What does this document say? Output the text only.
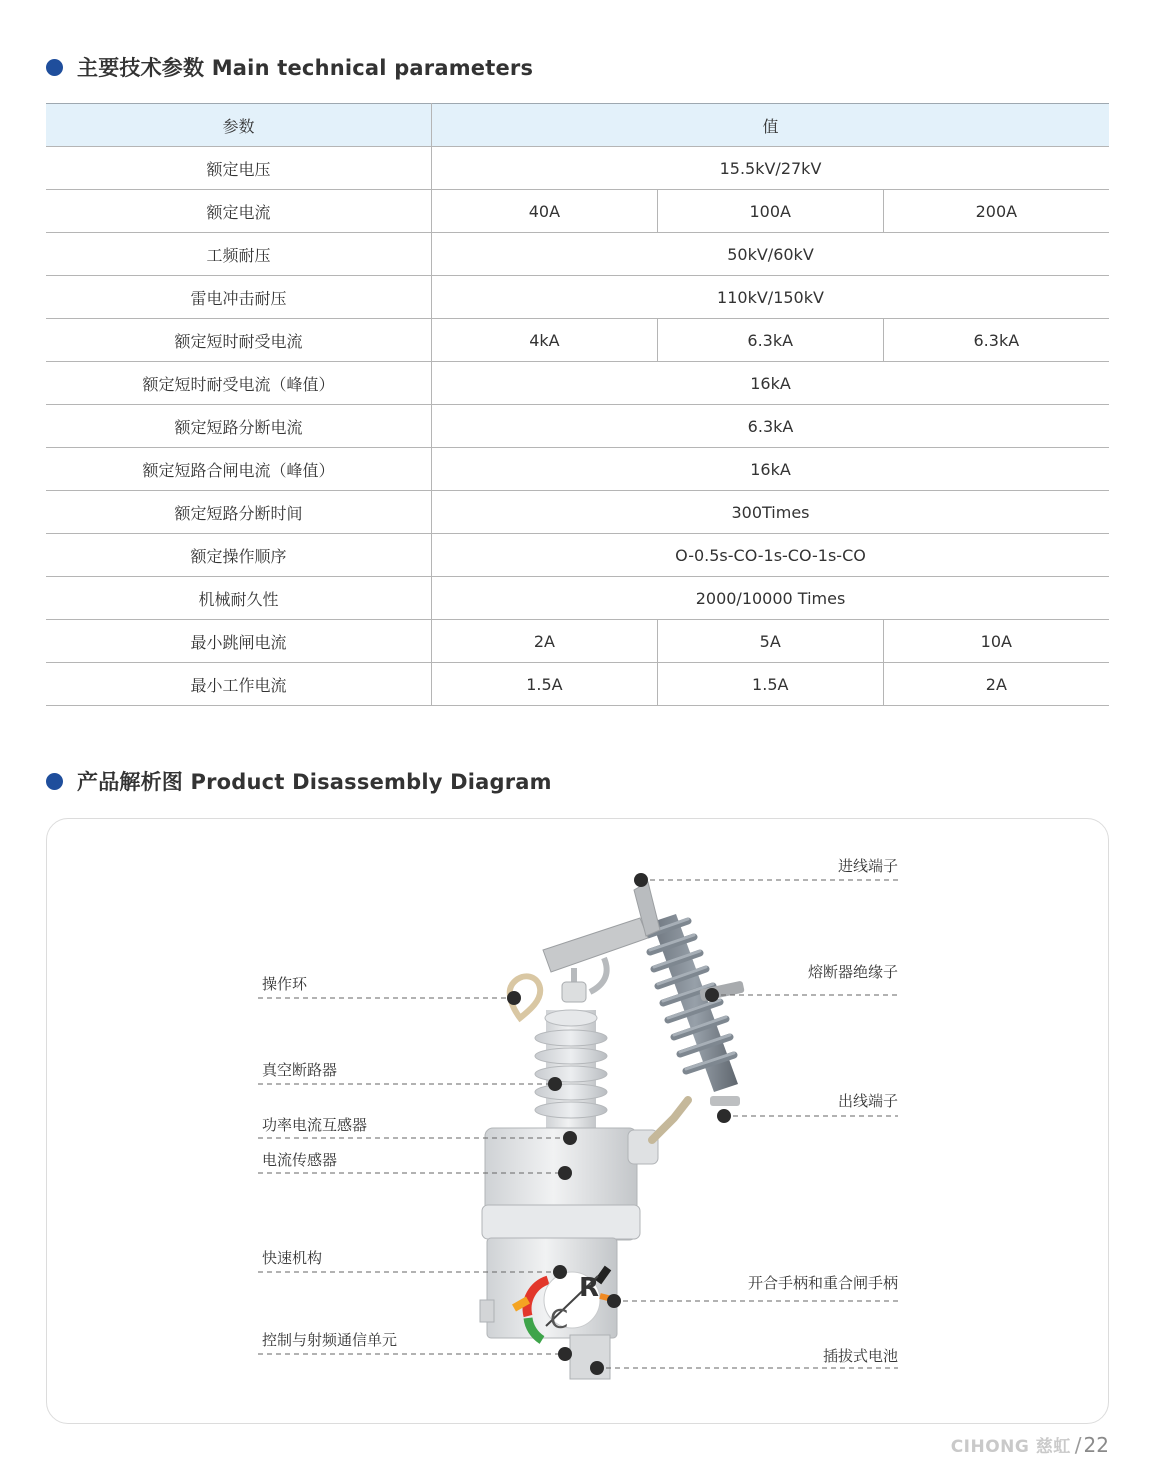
主要技术参数 Main technical parameters
参数	值		
额定电压	15.5kV/27kV		
额定电流	40A	100A	200A
工频耐压	50kV/60kV		
雷电冲击耐压	110kV/150kV		
额定短时耐受电流	4kA	6.3kA	6.3kA
额定短时耐受电流（峰值）	16kA		
额定短路分断电流	6.3kA		
额定短路合闸电流（峰值）	16kA		
额定短路分断时间	300Times		
额定操作顺序	O-0.5s-CO-1s-CO-1s-CO		
机械耐久性	2000/10000 Times		
最小跳闸电流	2A	5A	10A
最小工作电流	1.5A	1.5A	2A
产品解析图 Product Disassembly Diagram
R
C
进线端子
操作环
熔断器绝缘子
真空断路器
出线端子
功率电流互感器
电流传感器
快速机构
开合手柄和重合闸手柄
控制与射频通信单元
插拔式电池
CIHONG 慈虹 / 22
